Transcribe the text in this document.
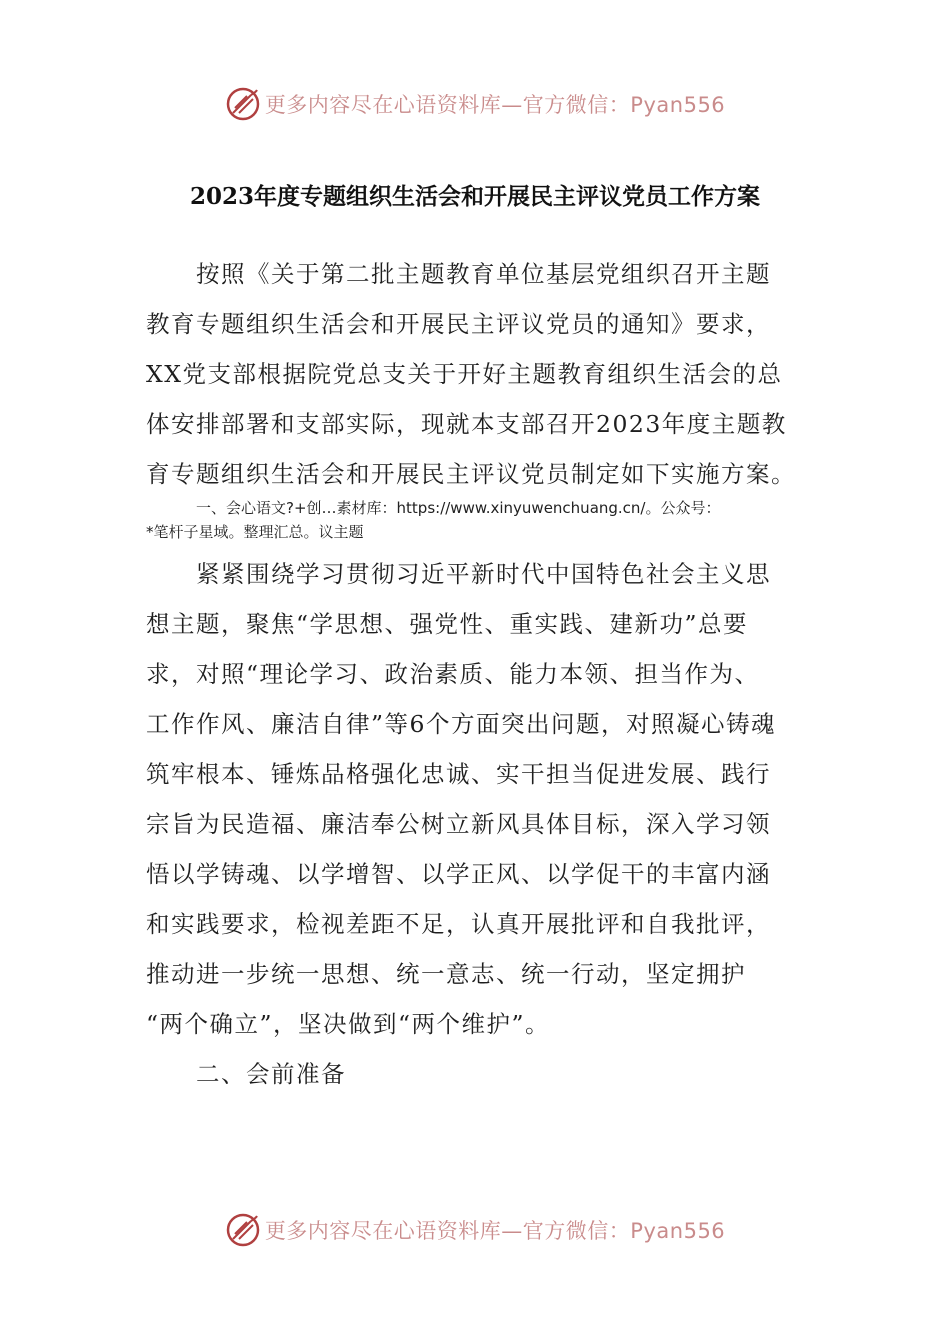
更多内容尽在心语资料库—官方微信：Pyan556
2023年度专题组织生活会和开展民主评议党员工作方案
按照《关于第二批主题教育单位基层党组织召开主题
教育专题组织生活会和开展民主评议党员的通知》要求，
XX党支部根据院党总支关于开好主题教育组织生活会的总
体安排部署和支部实际，现就本支部召开2023年度主题教
育专题组织生活会和开展民主评议党员制定如下实施方案。
一、会心语文?+创…素材库：https://www.xinyuwenchuang.cn/。公众号：
*笔杆子星域。整理汇总。议主题
紧紧围绕学习贯彻习近平新时代中国特色社会主义思
想主题，聚焦“学思想、强党性、重实践、建新功”总要
求，对照“理论学习、政治素质、能力本领、担当作为、
工作作风、廉洁自律”等6个方面突出问题，对照凝心铸魂
筑牢根本、锤炼品格强化忠诚、实干担当促进发展、践行
宗旨为民造福、廉洁奉公树立新风具体目标，深入学习领
悟以学铸魂、以学增智、以学正风、以学促干的丰富内涵
和实践要求，检视差距不足，认真开展批评和自我批评，
推动进一步统一思想、统一意志、统一行动，坚定拥护
“两个确立”，坚决做到“两个维护”。
二、会前准备
更多内容尽在心语资料库—官方微信：Pyan556
